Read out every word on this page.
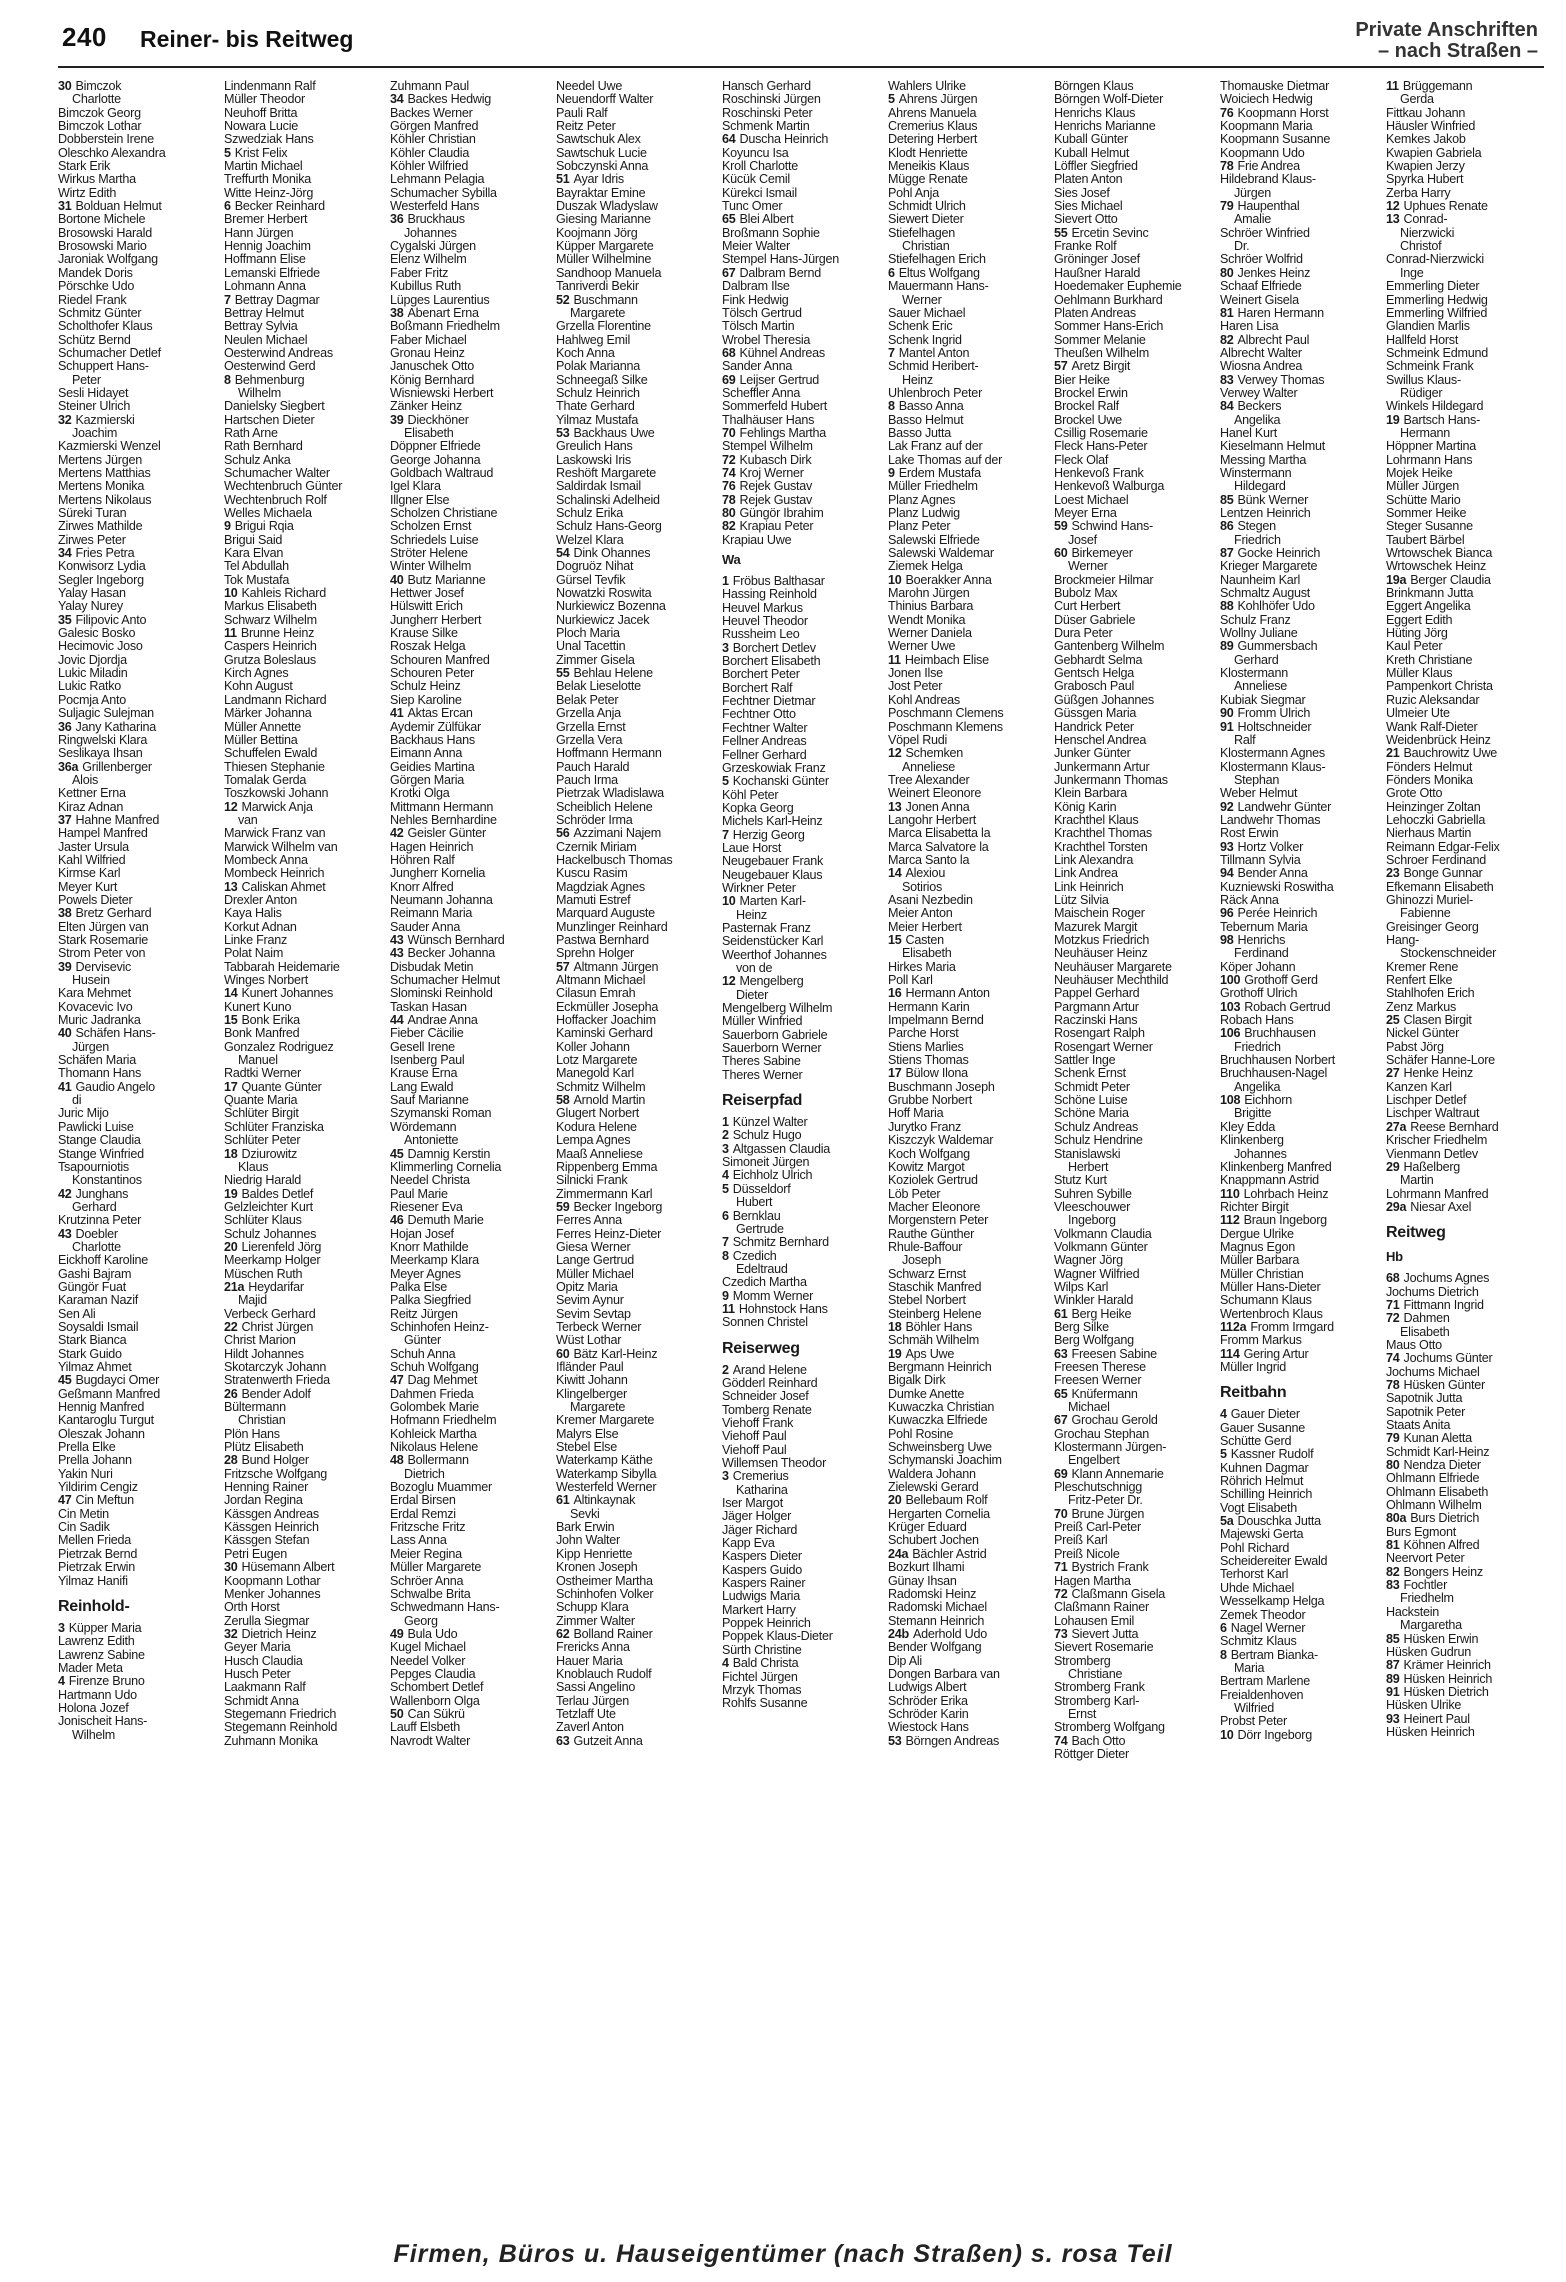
240 Reiner- bis Reitweg	Private Anschriften
– nach Straßen –
30 Bimczok
Charlotte
Bimczok Georg
Bimczok Lothar
Dobberstein Irene
Oleschko Alexandra
Stark Erik
Wirkus Martha
Wirtz Edith
31 Bolduan Helmut
Bortone Michele
Brosowski Harald
Brosowski Mario
Jaroniak Wolfgang
Mandek Doris
Pörschke Udo
Riedel Frank
Schmitz Günter
Scholthofer Klaus
Schütz Bernd
Schumacher Detlef
Schuppert Hans-
Peter
Sesli Hidayet
Steiner Ulrich
32 Kazmierski
Joachim
Kazmierski Wenzel
Mertens Jürgen
Mertens Matthias
Mertens Monika
Mertens Nikolaus
Süreki Turan
Zirwes Mathilde
Zirwes Peter
34 Fries Petra
Konwisorz Lydia
Segler Ingeborg
Yalay Hasan
Yalay Nurey
35 Filipovic Anto
Galesic Bosko
Hecimovic Joso
Jovic Djordja
Lukic Miladin
Lukic Ratko
Pocmja Anto
Suljagic Sulejman
36 Jany Katharina
Ringwelski Klara
Seslikaya Ihsan
36a Grillenberger
Alois
Kettner Erna
Kiraz Adnan
37 Hahne Manfred
Hampel Manfred
Jaster Ursula
Kahl Wilfried
Kirmse Karl
Meyer Kurt
Powels Dieter
38 Bretz Gerhard
Elten Jürgen van
Stark Rosemarie
Strom Peter von
39 Dervisevic
Husein
Kara Mehmet
Kovacevic Ivo
Muric Jadranka
40 Schäfen Hans-
Jürgen
Schäfen Maria
Thomann Hans
41 Gaudio Angelo
di
Juric Mijo
Pawlicki Luise
Stange Claudia
Stange Winfried
Tsapourniotis
Konstantinos
42 Junghans
Gerhard
Krutzinna Peter
43 Doebler
Charlotte
Eickhoff Karoline
Gashi Bajram
Güngör Fuat
Karaman Nazif
Sen Ali
Soysaldi Ismail
Stark Bianca
Stark Guido
Yilmaz Ahmet
45 Bugdayci Ömer
Geßmann Manfred
Hennig Manfred
Kantaroglu Turgut
Oleszak Johann
Prella Elke
Prella Johann
Yakin Nuri
Yildirim Cengiz
47 Cin Meftun
Cin Metin
Cin Sadik
Mellen Frieda
Pietrzak Bernd
Pietrzak Erwin
Yilmaz Hanifi
Reinhold-
3 Küpper Maria
Lawrenz Edith
Lawrenz Sabine
Mader Meta
4 Firenze Bruno
Hartmann Udo
Holona Jozef
Jonischeit Hans-
Wilhelm
Lindenmann Ralf
Müller Theodor
Neuhoff Britta
Nowara Lucie
Szwedziak Hans
5 Krist Felix
Martin Michael
Treffurth Monika
Witte Heinz-Jörg
6 Becker Reinhard
Bremer Herbert
Hann Jürgen
Hennig Joachim
Hoffmann Elise
Lemanski Elfriede
Lohmann Anna
7 Bettray Dagmar
Bettray Helmut
Bettray Sylvia
Neulen Michael
Oesterwind Andreas
Oesterwind Gerd
8 Behmenburg
Wilhelm
Danielsky Siegbert
Hartschen Dieter
Rath Arne
Rath Bernhard
Schulz Anka
Schumacher Walter
Wechtenbruch Günter
Wechtenbruch Rolf
Welles Michaela
9 Brigui Rqia
Brigui Said
Kara Elvan
Tel Abdullah
Tok Mustafa
10 Kahleis Richard
Markus Elisabeth
Schwarz Wilhelm
11 Brunne Heinz
Caspers Heinrich
Grutza Boleslaus
Kirch Agnes
Kohn August
Landmann Richard
Märker Johanna
Müller Annette
Müller Bettina
Schuffelen Ewald
Thiesen Stephanie
Tomalak Gerda
Toszkowski Johann
12 Marwick Anja
van
Marwick Franz van
Marwick Wilhelm van
Mombeck Anna
Mombeck Heinrich
13 Caliskan Ahmet
Drexler Anton
Kaya Halis
Korkut Adnan
Linke Franz
Polat Naim
Tabbarah Heidemarie
Winges Norbert
14 Kunert Johannes
Kunert Kuno
15 Bonk Erika
Bonk Manfred
Gonzalez Rodriguez
Manuel
Radtki Werner
17 Quante Günter
Quante Maria
Schlüter Birgit
Schlüter Franziska
Schlüter Peter
18 Dziurowitz
Klaus
Niedrig Harald
19 Baldes Detlef
Gelzleichter Kurt
Schlüter Klaus
Schulz Johannes
20 Lierenfeld Jörg
Meerkamp Holger
Müschen Ruth
21a Heydarifar
Majid
Verbeck Gerhard
22 Christ Jürgen
Christ Marion
Hildt Johannes
Skotarczyk Johann
Stratenwerth Frieda
26 Bender Adolf
Bültermann
Christian
Plön Hans
Plütz Elisabeth
28 Bund Holger
Fritzsche Wolfgang
Henning Rainer
Jordan Regina
Kässgen Andreas
Kässgen Heinrich
Kässgen Stefan
Petri Eugen
30 Hüsemann Albert
Koopmann Lothar
Menker Johannes
Orth Horst
Zerulla Siegmar
32 Dietrich Heinz
Geyer Maria
Husch Claudia
Husch Peter
Laakmann Ralf
Schmidt Anna
Stegemann Friedrich
Stegemann Reinhold
Zuhmann Monika
Zuhmann Paul
34 Backes Hedwig
Backes Werner
Görgen Manfred
Köhler Christian
Köhler Claudia
Köhler Wilfried
Lehmann Pelagia
Schumacher Sybilla
Westerfeld Hans
36 Bruckhaus
Johannes
Cygalski Jürgen
Elenz Wilhelm
Faber Fritz
Kubillus Ruth
Lüpges Laurentius
38 Abenart Erna
Boßmann Friedhelm
Faber Michael
Gronau Heinz
Januschek Otto
König Bernhard
Wisniewski Herbert
Zänker Heinz
39 Dieckhöner
Elisabeth
Döppner Elfriede
George Johanna
Goldbach Waltraud
Igel Klara
Illgner Else
Scholzen Christiane
Scholzen Ernst
Schriedels Luise
Ströter Helene
Winter Wilhelm
40 Butz Marianne
Hettwer Josef
Hülswitt Erich
Jungherr Herbert
Krause Silke
Roszak Helga
Schouren Manfred
Schouren Peter
Schulz Heinz
Siep Karoline
41 Aktas Ercan
Aydemir Zülfükar
Backhaus Hans
Eimann Anna
Geidies Martina
Görgen Maria
Krotki Olga
Mittmann Hermann
Nehles Bernhardine
42 Geisler Günter
Hagen Heinrich
Höhren Ralf
Jungherr Kornelia
Knorr Alfred
Neumann Johanna
Reimann Maria
Sauder Anna
43 Wünsch Bernhard
43 Becker Johanna
Disbudak Metin
Schumacher Helmut
Slominski Reinhold
Taskan Hasan
44 Andrae Anna
Fieber Cäcilie
Gesell Irene
Isenberg Paul
Krause Erna
Lang Ewald
Sauf Marianne
Szymanski Roman
Wördemann
Antoniette
45 Damnig Kerstin
Klimmerling Cornelia
Needel Christa
Paul Marie
Riesener Eva
46 Demuth Marie
Hojan Josef
Knorr Mathilde
Meerkamp Klara
Meyer Agnes
Palka Else
Palka Siegfried
Reitz Jürgen
Schinhofen Heinz-
Günter
Schuh Anna
Schuh Wolfgang
47 Dag Mehmet
Dahmen Frieda
Golombek Marie
Hofmann Friedhelm
Kohleick Martha
Nikolaus Helene
48 Bollermann
Dietrich
Bozoglu Muammer
Erdal Birsen
Erdal Remzi
Fritzsche Fritz
Lass Anna
Meier Regina
Müller Margarete
Schröer Anna
Schwalbe Brita
Schwedmann Hans-
Georg
49 Bula Udo
Kugel Michael
Needel Volker
Pepges Claudia
Schombert Detlef
Wallenborn Olga
50 Can Sükrü
Lauff Elsbeth
Navrodt Walter
Needel Uwe
Neuendorff Walter
Pauli Ralf
Reitz Peter
Sawtschuk Alex
Sawtschuk Lucie
Sobczynski Anna
51 Ayar Idris
Bayraktar Emine
Duszak Wladyslaw
Giesing Marianne
Koojmann Jörg
Küpper Margarete
Müller Wilhelmine
Sandhoop Manuela
Tanriverdi Bekir
52 Buschmann
Margarete
Grzella Florentine
Hahlweg Emil
Koch Anna
Polak Marianna
Schneegaß Silke
Schulz Heinrich
Thate Gerhard
Yilmaz Mustafa
53 Backhaus Uwe
Greulich Hans
Laskowski Iris
Reshöft Margarete
Saldirdak Ismail
Schalinski Adelheid
Schulz Erika
Schulz Hans-Georg
Welzel Klara
54 Dink Ohannes
Dogruöz Nihat
Gürsel Tevfik
Nowatzki Roswita
Nurkiewicz Bozenna
Nurkiewicz Jacek
Ploch Maria
Ünal Tacettin
Zimmer Gisela
55 Behlau Helene
Belak Lieselotte
Belak Peter
Grzella Anja
Grzella Ernst
Grzella Vera
Hoffmann Hermann
Pauch Harald
Pauch Irma
Pietrzak Wladislawa
Scheiblich Helene
Schröder Irma
56 Azzimani Najem
Czernik Miriam
Hackelbusch Thomas
Kuscu Rasim
Magdziak Agnes
Mamuti Estref
Marquard Auguste
Munzlinger Reinhard
Pastwa Bernhard
Sprehn Holger
57 Altmann Jürgen
Altmann Michael
Cilasun Emrah
Eckmüller Josepha
Hoffacker Joachim
Kaminski Gerhard
Koller Johann
Lotz Margarete
Manegold Karl
Schmitz Wilhelm
58 Arnold Martin
Glugert Norbert
Kodura Helene
Lempa Agnes
Maaß Anneliese
Rippenberg Emma
Silnicki Frank
Zimmermann Karl
59 Becker Ingeborg
Ferres Anna
Ferres Heinz-Dieter
Giesa Werner
Lange Gertrud
Müller Michael
Opitz Maria
Sevim Aynur
Sevim Sevtap
Terbeck Werner
Wüst Lothar
60 Bätz Karl-Heinz
Ifländer Paul
Kiwitt Johann
Klingelberger
Margarete
Kremer Margarete
Malyrs Else
Stebel Else
Waterkamp Käthe
Waterkamp Sibylla
Westerfeld Werner
61 Altinkaynak
Sevki
Bark Erwin
John Walter
Kipp Henriette
Kronen Joseph
Ostheimer Martha
Schinhofen Volker
Schupp Klara
Zimmer Walter
62 Bolland Rainer
Frericks Anna
Hauer Maria
Knoblauch Rudolf
Sassi Angelino
Terlau Jürgen
Tetzlaff Ute
Zaverl Anton
63 Gutzeit Anna
Hansch Gerhard
Roschinski Jürgen
Roschinski Peter
Schmenk Martin
64 Duscha Heinrich
Koyuncu Isa
Kroll Charlotte
Kücük Cemil
Kürekci Ismail
Tunc Ömer
65 Blei Albert
Broßmann Sophie
Meier Walter
Stempel Hans-Jürgen
67 Dalbram Bernd
Dalbram Ilse
Fink Hedwig
Tölsch Gertrud
Tölsch Martin
Wrobel Theresia
68 Kühnel Andreas
Sander Anna
69 Leijser Gertrud
Scheffler Anna
Sommerfeld Hubert
Thalhäuser Hans
70 Fehlings Martha
Stempel Wilhelm
72 Kubasch Dirk
74 Kroj Werner
76 Rejek Gustav
78 Rejek Gustav
80 Güngör Ibrahim
82 Krapiau Peter
Krapiau Uwe
Wa
1 Fröbus Balthasar
Hassing Reinhold
Heuvel Markus
Heuvel Theodor
Russheim Leo
3 Borchert Detlev
Borchert Elisabeth
Borchert Peter
Borchert Ralf
Fechtner Dietmar
Fechtner Otto
Fechtner Walter
Fellner Andreas
Fellner Gerhard
Grzeskowiak Franz
5 Kochanski Günter
Köhl Peter
Kopka Georg
Michels Karl-Heinz
7 Herzig Georg
Laue Horst
Neugebauer Frank
Neugebauer Klaus
Wirkner Peter
10 Marten Karl-
Heinz
Pasternak Franz
Seidenstücker Karl
Weerthof Johannes
von de
12 Mengelberg
Dieter
Mengelberg Wilhelm
Müller Winfried
Sauerborn Gabriele
Sauerborn Werner
Theres Sabine
Theres Werner
Reiserpfad
1 Künzel Walter
2 Schulz Hugo
3 Altgassen Claudia
Simoneit Jürgen
4 Eichholz Ulrich
5 Düsseldorf
Hubert
6 Bernklau
Gertrude
7 Schmitz Bernhard
8 Czedich
Edeltraud
Czedich Martha
9 Momm Werner
11 Hohnstock Hans
Sonnen Christel
Reiserweg
2 Arand Helene
Gödderl Reinhard
Schneider Josef
Tomberg Renate
Viehoff Frank
Viehoff Paul
Viehoff Paul
Willemsen Theodor
3 Cremerius
Katharina
Iser Margot
Jäger Holger
Jäger Richard
Kapp Eva
Kaspers Dieter
Kaspers Guido
Kaspers Rainer
Ludwigs Maria
Markert Harry
Poppek Heinrich
Poppek Klaus-Dieter
Sürth Christine
4 Bald Christa
Fichtel Jürgen
Mrzyk Thomas
Rohlfs Susanne
Wahlers Ulrike
5 Ahrens Jürgen
Ahrens Manuela
Cremerius Klaus
Detering Herbert
Klodt Henriette
Meneikis Klaus
Mügge Renate
Pohl Anja
Schmidt Ulrich
Siewert Dieter
Stiefelhagen
Christian
Stiefelhagen Erich
6 Eltus Wolfgang
Mauermann Hans-
Werner
Sauer Michael
Schenk Eric
Schenk Ingrid
7 Mantel Anton
Schmid Heribert-
Heinz
Uhlenbroch Peter
8 Basso Anna
Basso Helmut
Basso Jutta
Lak Franz auf der
Lake Thomas auf der
9 Erdem Mustafa
Müller Friedhelm
Planz Agnes
Planz Ludwig
Planz Peter
Salewski Elfriede
Salewski Waldemar
Ziemek Helga
10 Boerakker Anna
Marohn Jürgen
Thinius Barbara
Wendt Monika
Werner Daniela
Werner Uwe
11 Heimbach Elise
Jonen Ilse
Jost Peter
Kohl Andreas
Poschmann Clemens
Poschmann Klemens
Vöpel Rudi
12 Schemken
Anneliese
Tree Alexander
Weinert Eleonore
13 Jonen Anna
Langohr Herbert
Marca Elisabetta la
Marca Salvatore la
Marca Santo la
14 Alexiou
Sotirios
Asani Nezbedin
Meier Anton
Meier Herbert
15 Casten
Elisabeth
Hirkes Maria
Poll Karl
16 Hermann Anton
Hermann Karin
Impelmann Bernd
Parche Horst
Stiens Marlies
Stiens Thomas
17 Bülow Ilona
Buschmann Joseph
Grubbe Norbert
Hoff Maria
Jurytko Franz
Kiszczyk Waldemar
Koch Wolfgang
Kowitz Margot
Koziolek Gertrud
Löb Peter
Macher Eleonore
Morgenstern Peter
Rauthe Günther
Rhule-Baffour
Joseph
Schwarz Ernst
Staschik Manfred
Stebel Norbert
Steinberg Helene
18 Böhler Hans
Schmäh Wilhelm
19 Aps Uwe
Bergmann Heinrich
Bigalk Dirk
Dumke Anette
Kuwaczka Christian
Kuwaczka Elfriede
Pohl Rosine
Schweinsberg Uwe
Schymanski Joachim
Waldera Johann
Zielewski Gerard
20 Bellebaum Rolf
Hergarten Cornelia
Krüger Eduard
Schubert Jochen
24a Bächler Astrid
Bozkurt Ilhami
Günay Ihsan
Radomski Heinz
Radomski Michael
Stemann Heinrich
24b Aderhold Udo
Bender Wolfgang
Dip Ali
Dongen Barbara van
Ludwigs Albert
Schröder Erika
Schröder Karin
Wiestock Hans
53 Börngen Andreas
Börngen Klaus
Börngen Wolf-Dieter
Henrichs Klaus
Henrichs Marianne
Kuball Günter
Kuball Helmut
Löffler Siegfried
Platen Anton
Sies Josef
Sies Michael
Sievert Otto
55 Ercetin Sevinc
Franke Rolf
Gröninger Josef
Haußner Harald
Hoedemaker Euphemie
Oehlmann Burkhard
Platen Andreas
Sommer Hans-Erich
Sommer Melanie
Theußen Wilhelm
57 Aretz Birgit
Bier Heike
Brockel Erwin
Brockel Ralf
Brockel Uwe
Csillig Rosemarie
Fleck Hans-Peter
Fleck Olaf
Henkevoß Frank
Henkevoß Walburga
Loest Michael
Meyer Erna
59 Schwind Hans-
Josef
60 Birkemeyer
Werner
Brockmeier Hilmar
Bubolz Max
Curt Herbert
Düser Gabriele
Dura Peter
Gantenberg Wilhelm
Gebhardt Selma
Gentsch Helga
Grabosch Paul
Güßgen Johannes
Güssgen Maria
Handrick Peter
Henschel Andrea
Junker Günter
Junkermann Artur
Junkermann Thomas
Klein Barbara
König Karin
Krachthel Klaus
Krachthel Thomas
Krachthel Torsten
Link Alexandra
Link Andrea
Link Heinrich
Lütz Silvia
Maischein Roger
Mazurek Margit
Motzkus Friedrich
Neuhäuser Heinz
Neuhäuser Margarete
Neuhäuser Mechthild
Pappel Gerhard
Pargmann Artur
Raczinski Hans
Rosengart Ralph
Rosengart Werner
Sattler Inge
Schenk Ernst
Schmidt Peter
Schöne Luise
Schöne Maria
Schulz Andreas
Schulz Hendrine
Stanislawski
Herbert
Stutz Kurt
Suhren Sybille
Vleeschouwer
Ingeborg
Volkmann Claudia
Volkmann Günter
Wagner Jörg
Wagner Wilfried
Wilps Karl
Winkler Harald
61 Berg Heike
Berg Silke
Berg Wolfgang
63 Freesen Sabine
Freesen Therese
Freesen Werner
65 Knüfermann
Michael
67 Grochau Gerold
Grochau Stephan
Klostermann Jürgen-
Engelbert
69 Klann Annemarie
Pleschutschnigg
Fritz-Peter Dr.
70 Brune Jürgen
Preiß Carl-Peter
Preiß Karl
Preiß Nicole
71 Bystrich Frank
Hagen Martha
72 Claßmann Gisela
Claßmann Rainer
Lohausen Emil
73 Sievert Jutta
Sievert Rosemarie
Stromberg
Christiane
Stromberg Frank
Stromberg Karl-
Ernst
Stromberg Wolfgang
74 Bach Otto
Röttger Dieter
Thomauske Dietmar
Woiciech Hedwig
76 Koopmann Horst
Koopmann Maria
Koopmann Susanne
Koopmann Udo
78 Frie Andrea
Hildebrand Klaus-
Jürgen
79 Haupenthal
Amalie
Schröer Winfried
Dr.
Schröer Wolfrid
80 Jenkes Heinz
Schaaf Elfriede
Weinert Gisela
81 Haren Hermann
Haren Lisa
82 Albrecht Paul
Albrecht Walter
Wiosna Andrea
83 Verwey Thomas
Verwey Walter
84 Beckers
Angelika
Hanel Kurt
Kieselmann Helmut
Messing Martha
Winstermann
Hildegard
85 Bünk Werner
Lentzen Heinrich
86 Stegen
Friedrich
87 Gocke Heinrich
Krieger Margarete
Naunheim Karl
Schmaltz August
88 Kohlhöfer Udo
Schulz Franz
Wollny Juliane
89 Gummersbach
Gerhard
Klostermann
Anneliese
Kubiak Siegmar
90 Fromm Ulrich
91 Holtschneider
Ralf
Klostermann Agnes
Klostermann Klaus-
Stephan
Weber Helmut
92 Landwehr Günter
Landwehr Thomas
Rost Erwin
93 Hortz Volker
Tillmann Sylvia
94 Bender Anna
Kuzniewski Roswitha
Räck Anna
96 Perée Heinrich
Tebernum Maria
98 Henrichs
Ferdinand
Köper Johann
100 Grothoff Gerd
Grothoff Ulrich
103 Robach Gertrud
Robach Hans
106 Bruchhausen
Friedrich
Bruchhausen Norbert
Bruchhausen-Nagel
Angelika
108 Eichhorn
Brigitte
Kley Edda
Klinkenberg
Johannes
Klinkenberg Manfred
Knappmann Astrid
110 Lohrbach Heinz
Richter Birgit
112 Braun Ingeborg
Dergue Ulrike
Magnus Egon
Müller Barbara
Müller Christian
Müller Hans-Dieter
Schumann Klaus
Wertenbroch Klaus
112a Fromm Irmgard
Fromm Markus
114 Gering Artur
Müller Ingrid
Reitbahn
4 Gauer Dieter
Gauer Susanne
Schütte Gerd
5 Kassner Rudolf
Kuhnen Dagmar
Röhrich Helmut
Schilling Heinrich
Vogt Elisabeth
5a Douschka Jutta
Majewski Gerta
Pohl Richard
Scheidereiter Ewald
Terhorst Karl
Uhde Michael
Wesselkamp Helga
Zemek Theodor
6 Nagel Werner
Schmitz Klaus
8 Bertram Bianka-
Maria
Bertram Marlene
Freialdenhoven
Wilfried
Probst Peter
10 Dörr Ingeborg
11 Brüggemann
Gerda
Fittkau Johann
Häusler Winfried
Kemkes Jakob
Kwapien Gabriela
Kwapien Jerzy
Spyrka Hubert
Zerba Harry
12 Uphues Renate
13 Conrad-
Nierzwicki
Christof
Conrad-Nierzwicki
Inge
Emmerling Dieter
Emmerling Hedwig
Emmerling Wilfried
Glandien Marlis
Hallfeld Horst
Schmeink Edmund
Schmeink Frank
Swillus Klaus-
Rüdiger
Winkels Hildegard
19 Bartsch Hans-
Hermann
Höppner Martina
Lohrmann Hans
Mojek Heike
Müller Jürgen
Schütte Mario
Sommer Heike
Steger Susanne
Taubert Bärbel
Wrtowschek Bianca
Wrtowschek Heinz
19a Berger Claudia
Brinkmann Jutta
Eggert Angelika
Eggert Edith
Hüting Jörg
Kaul Peter
Kreth Christiane
Müller Klaus
Pampenkort Christa
Ruzic Aleksandar
Ulmeier Ute
Wank Ralf-Dieter
Weidenbrück Heinz
21 Bauchrowitz Uwe
Fönders Helmut
Fönders Monika
Grote Otto
Heinzinger Zoltan
Lehoczki Gabriella
Nierhaus Martin
Reimann Edgar-Felix
Schroer Ferdinand
23 Bonge Gunnar
Efkemann Elisabeth
Ghinozzi Muriel-
Fabienne
Greisinger Georg
Hang-
Stockenschneider
Kremer Rene
Renfert Elke
Stahlhofen Erich
Zenz Markus
25 Clasen Birgit
Nickel Günter
Pabst Jörg
Schäfer Hanne-Lore
27 Henke Heinz
Kanzen Karl
Lischper Detlef
Lischper Waltraut
27a Reese Bernhard
Krischer Friedhelm
Vienmann Detlev
29 Haßelberg
Martin
Lohrmann Manfred
29a Niesar Axel
Reitweg
Hb
68 Jochums Agnes
Jochums Dietrich
71 Fittmann Ingrid
72 Dahmen
Elisabeth
Maus Otto
74 Jochums Günter
Jochums Michael
78 Hüsken Günter
Sapotnik Jutta
Sapotnik Peter
Staats Anita
79 Kunan Aletta
Schmidt Karl-Heinz
80 Nendza Dieter
Ohlmann Elfriede
Ohlmann Elisabeth
Ohlmann Wilhelm
80a Burs Dietrich
Burs Egmont
81 Köhnen Alfred
Neervort Peter
82 Bongers Heinz
83 Fochtler
Friedhelm
Hackstein
Margaretha
85 Hüsken Erwin
Hüsken Gudrun
87 Krämer Heinrich
89 Hüsken Heinrich
91 Hüsken Dietrich
Hüsken Ulrike
93 Heinert Paul
Hüsken Heinrich
Firmen, Büros u. Hauseigentümer (nach Straßen) s. rosa Teil
